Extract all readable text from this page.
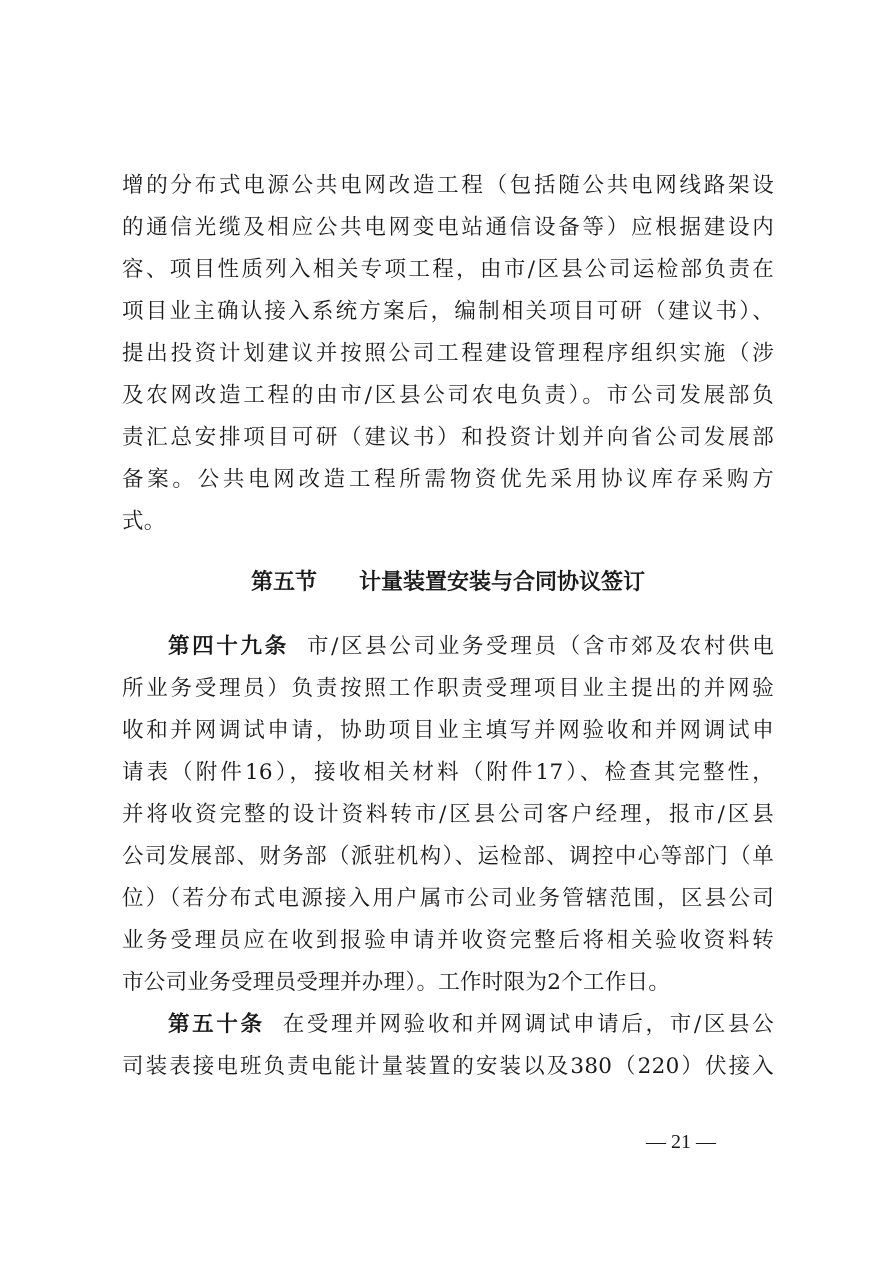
增的分布式电源公共电网改造工程（包括随公共电网线路架设
的通信光缆及相应公共电网变电站通信设备等）应根据建设内
容、项目性质列入相关专项工程，由市/区县公司运检部负责在
项目业主确认接入系统方案后，编制相关项目可研（建议书）、
提出投资计划建议并按照公司工程建设管理程序组织实施（涉
及农网改造工程的由市/区县公司农电负责）。市公司发展部负
责汇总安排项目可研（建议书）和投资计划并向省公司发展部
备案。公共电网改造工程所需物资优先采用协议库存采购方
式。
第五节 计量装置安装与合同协议签订
第四十九条 市/区县公司业务受理员（含市郊及农村供电
所业务受理员）负责按照工作职责受理项目业主提出的并网验
收和并网调试申请，协助项目业主填写并网验收和并网调试申
请表（附件16），接收相关材料（附件17）、检查其完整性，
并将收资完整的设计资料转市/区县公司客户经理，报市/区县
公司发展部、财务部（派驻机构）、运检部、调控中心等部门（单
位）（若分布式电源接入用户属市公司业务管辖范围，区县公司
业务受理员应在收到报验申请并收资完整后将相关验收资料转
市公司业务受理员受理并办理）。工作时限为2个工作日。
第五十条 在受理并网验收和并网调试申请后，市/区县公
司装表接电班负责电能计量装置的安装以及380（220）伏接入
— 21 —
